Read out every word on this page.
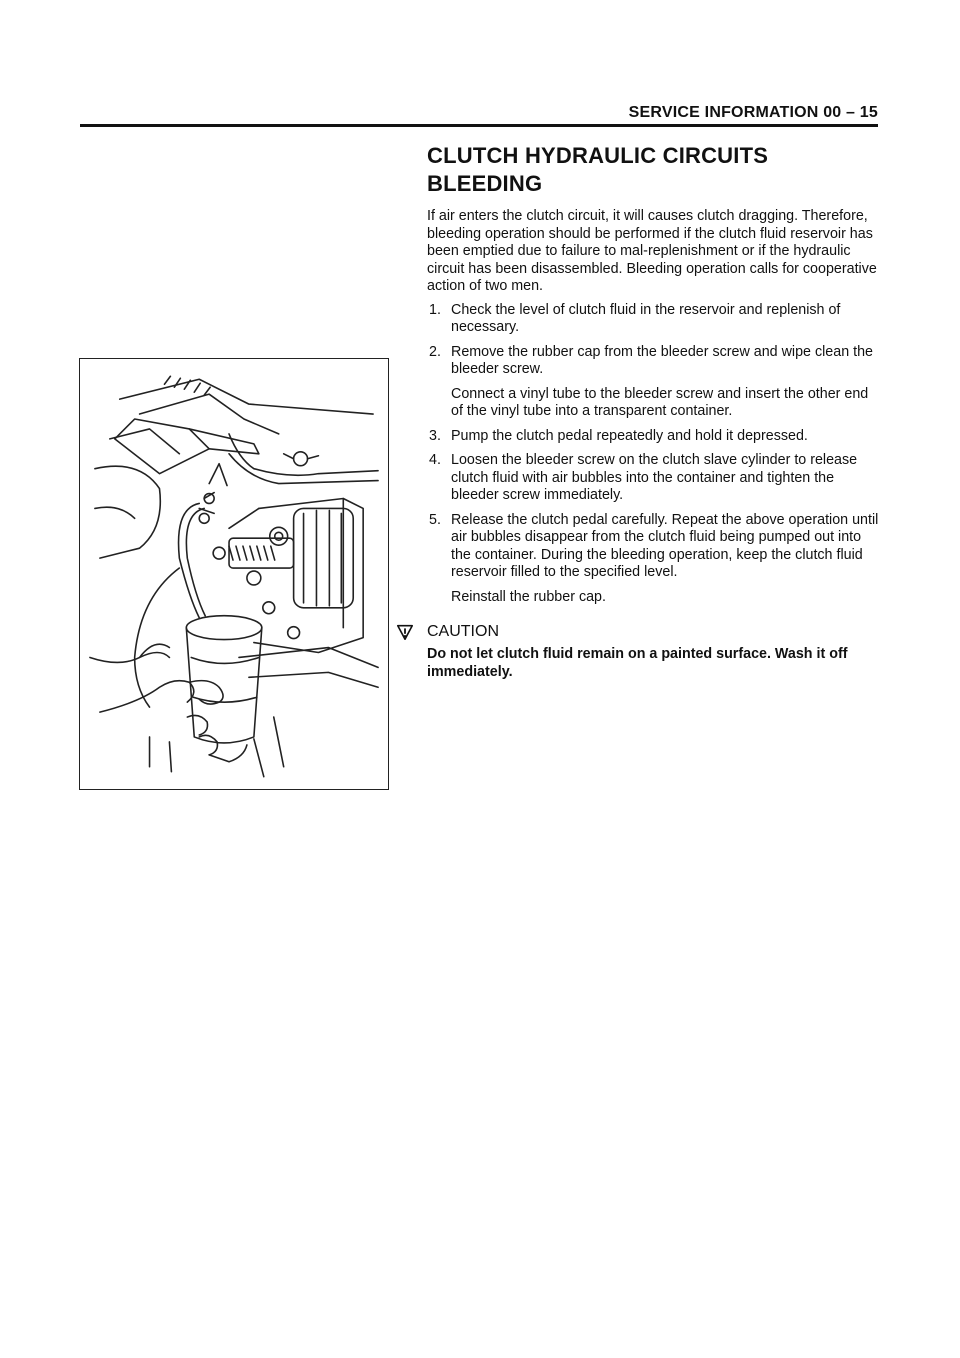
SERVICE INFORMATION 00 – 15
CLUTCH HYDRAULIC CIRCUITS
BLEEDING

If air enters the clutch circuit, it will causes clutch dragging. Therefore, bleeding operation should be performed if the clutch fluid reservoir has been emptied due to failure to mal-replenishment or if the hydraulic circuit has been disassembled. Bleeding operation calls for cooperative action of two men.

1. Check the level of clutch fluid in the reservoir and replenish of necessary.

2. Remove the rubber cap from the bleeder screw and wipe clean the bleeder screw.

Connect a vinyl tube to the bleeder screw and insert the other end of the vinyl tube into a transparent container.

3. Pump the clutch pedal repeatedly and hold it depressed.

4. Loosen the bleeder screw on the clutch slave cylinder to release clutch fluid with air bubbles into the container and tighten the bleeder screw immediately.

5. Release the clutch pedal carefully. Repeat the above operation until air bubbles disappear from the clutch fluid being pumped out into the container. During the bleeding operation, keep the clutch fluid reservoir filled to the specified level.

Reinstall the rubber cap.

CAUTION

Do not let clutch fluid remain on a painted surface. Wash it off immediately.
